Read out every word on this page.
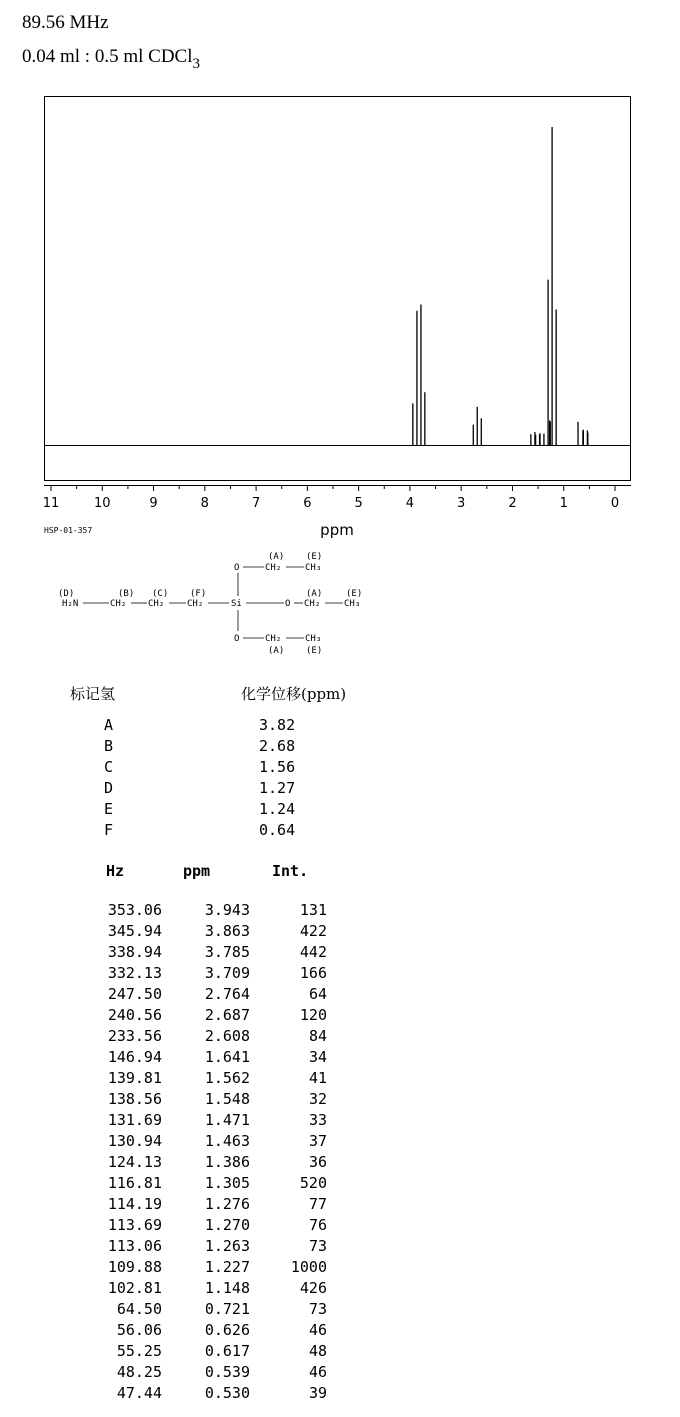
89.56 MHz
0.04 ml : 0.5 ml CDCl$_3$
11	10	9	8	7	6	5	4	3	2	1	0
ppm
HSP-01-357
(A) (E)
O	CH₂	CH₃
(D)	(B) (C) (F)	(A)	(E)
H₂N	CH₂ CH₂	CH₂	Si	O CH₂	CH₃
O	CH₂	CH₃
(A) (E)
标记氢	化学位移(ppm)
A	3.82
B	2.68
C	1.56
D	1.27
E	1.24
F	0.64
Hz	ppm	Int.
353.06	3.943	131
345.94	3.863	422
338.94	3.785	442
332.13	3.709	166
247.50	2.764	64
240.56	2.687	120
233.56	2.608	84
146.94	1.641	34
139.81	1.562	41
138.56	1.548	32
131.69	1.471	33
130.94	1.463	37
124.13	1.386	36
116.81	1.305	520
114.19	1.276	77
113.69	1.270	76
113.06	1.263	73
109.88	1.227	1000
102.81	1.148	426
64.50	0.721	73
56.06	0.626	46
55.25	0.617	48
48.25	0.539	46
47.44	0.530	39
